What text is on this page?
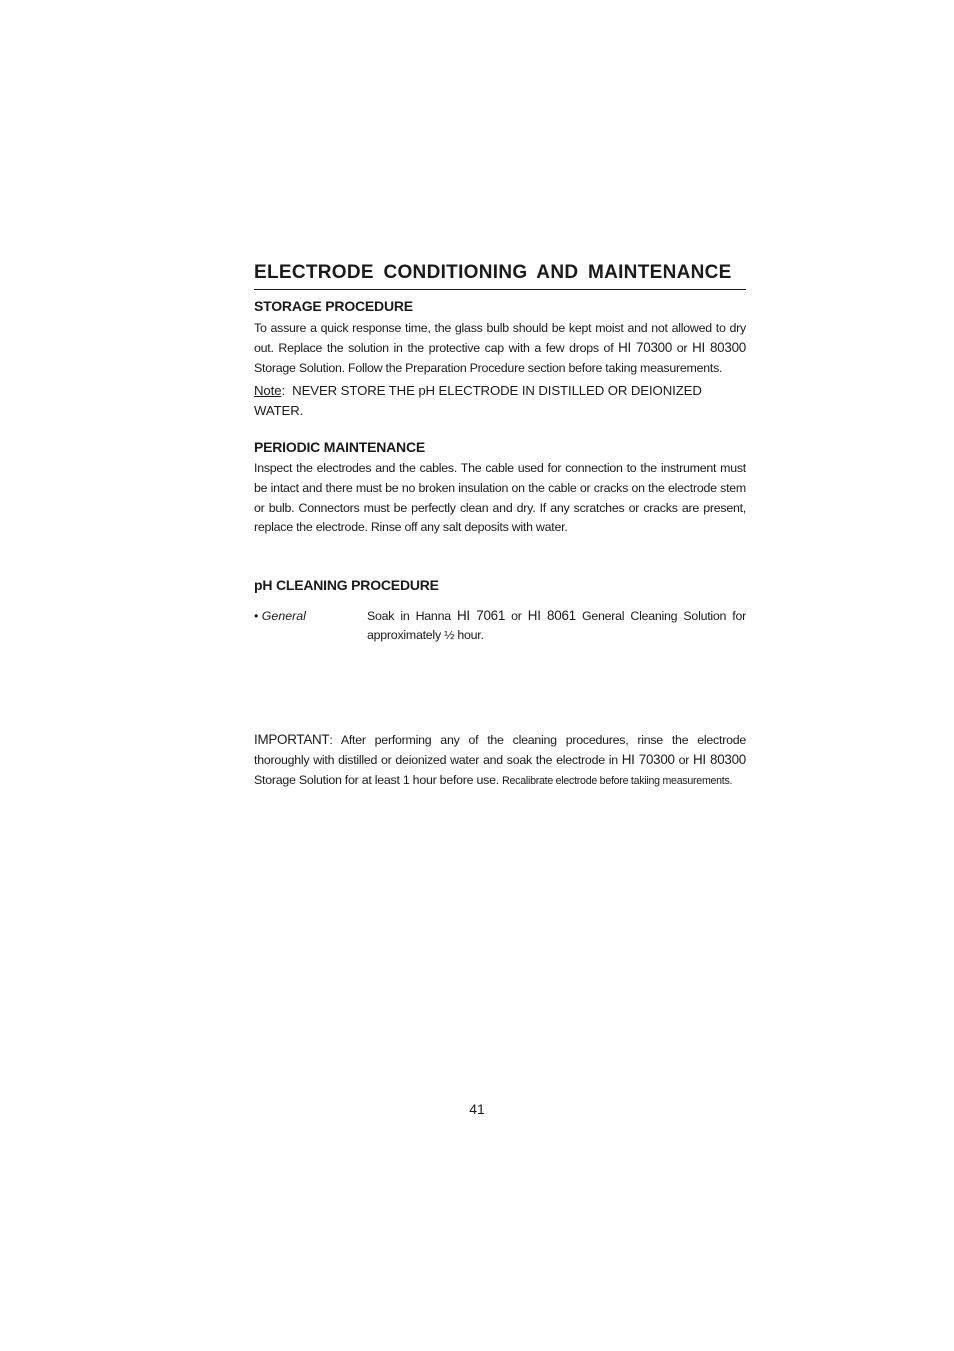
ELECTRODE CONDITIONING AND MAINTENANCE
STORAGE PROCEDURE

To assure a quick response time, the glass bulb should be kept moist and not allowed to dry out. Replace the solution in the protective cap with a few drops of HI 70300 or HI 80300 Storage Solution. Follow the Preparation Procedure section before taking measurements.

Note:  NEVER STORE THE pH ELECTRODE IN DISTILLED OR DEIONIZED WATER.

PERIODIC MAINTENANCE

Inspect the electrodes and the cables. The cable used for connection to the instrument must be intact and there must be no broken insulation on the cable or cracks on the electrode stem or bulb. Connectors must be perfectly clean and dry. If any scratches or cracks are present, replace the electrode. Rinse off any salt deposits with water.

pH CLEANING PROCEDURE
• General	Soak in Hanna HI 7061 or HI 8061 General Cleaning Solution for approximately ½ hour.

IMPORTANT: After performing any of the cleaning procedures, rinse the electrode thoroughly with distilled or deionized water and soak the electrode in HI 70300 or HI 80300 Storage Solution for at least 1 hour before use. Recalibrate electrode before takiing measurements.

41
